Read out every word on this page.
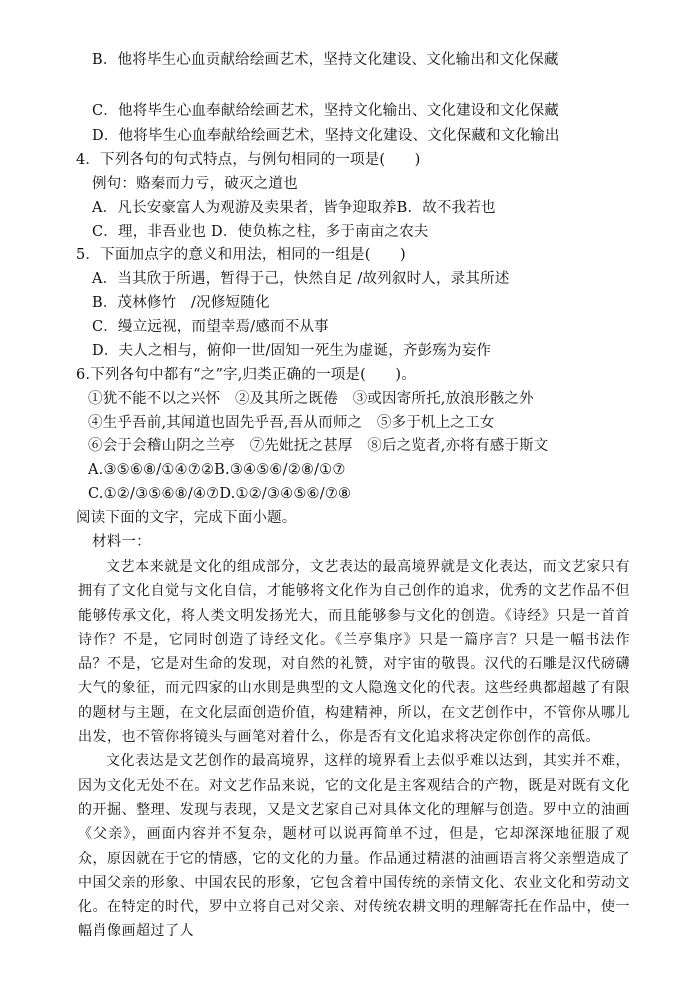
B．他将毕生心血贡献给绘画艺术，坚持文化建设、文化输出和文化保藏
C．他将毕生心血奉献给绘画艺术，坚持文化输出、文化建设和文化保藏
D．他将毕生心血奉献给绘画艺术，坚持文化建设、文化保藏和文化输出
4．下列各句的句式特点，与例句相同的一项是(　　)
例句：赂秦而力亏，破灭之道也
A．凡长安豪富人为观游及卖果者，皆争迎取养B．故不我若也
C．理，非吾业也 D．使负栋之柱，多于南亩之农夫
5．下面加点字的意义和用法，相同的一组是(　　)
A．当其欣于所遇，暂得于己，快然自足 /故列叙时人，录其所述
B．茂林修竹　/况修短随化
C．缦立远视，而望幸焉/感而不从事
D．夫人之相与，俯仰一世/固知一死生为虚诞，齐彭殇为妄作
6.下列各句中都有“之”字,归类正确的一项是(　　)。
①犹不能不以之兴怀　②及其所之既倦　③或因寄所托,放浪形骸之外
④生乎吾前,其闻道也固先乎吾,吾从而师之　⑤多于机上之工女
⑥会于会稽山阴之兰亭　⑦先妣抚之甚厚　⑧后之览者,亦将有感于斯文
A.③⑤⑥⑧/①④⑦②B.③④⑤⑥/②⑧/①⑦
C.①②/③⑤⑥⑧/④⑦D.①②/③④⑤⑥/⑦⑧
阅读下面的文字，完成下面小题。
材料一：

文艺本来就是文化的组成部分，文艺表达的最高境界就是文化表达，而文艺家只有拥有了文化自觉与文化自信，才能够将文化作为自己创作的追求，优秀的文艺作品不但能够传承文化，将人类文明发扬光大，而且能够参与文化的创造。《诗经》只是一首首诗作？不是，它同时创造了诗经文化。《兰亭集序》只是一篇序言？只是一幅书法作品？不是，它是对生命的发现，对自然的礼赞，对宇宙的敬畏。汉代的石雕是汉代磅礴大气的象征，而元四家的山水則是典型的文人隐逸文化的代表。这些经典都超越了有限的题材与主题，在文化层面创造价值，构建精神，所以，在文艺创作中，不管你从哪儿出发，也不管你将镜头与画笔对着什么，你是否有文化追求将决定你创作的高低。

文化表达是文艺创作的最高境界，这样的境界看上去似乎难以达到，其实并不难，因为文化无处不在。对文艺作品来说，它的文化是主客观结合的产物，既是对既有文化的开掘、整理、发现与表现，又是文艺家自己对具体文化的理解与创造。罗中立的油画《父亲》，画面内容并不复杂，题材可以说再简单不过，但是，它却深深地征服了观众，原因就在于它的情感，它的文化的力量。作品通过精湛的油画语言将父亲塑造成了中国父亲的形象、中国农民的形象，它包含着中国传统的亲情文化、农业文化和劳动文化。在特定的时代，罗中立将自己对父亲、对传统农耕文明的理解寄托在作品中，使一幅肖像画超过了人
